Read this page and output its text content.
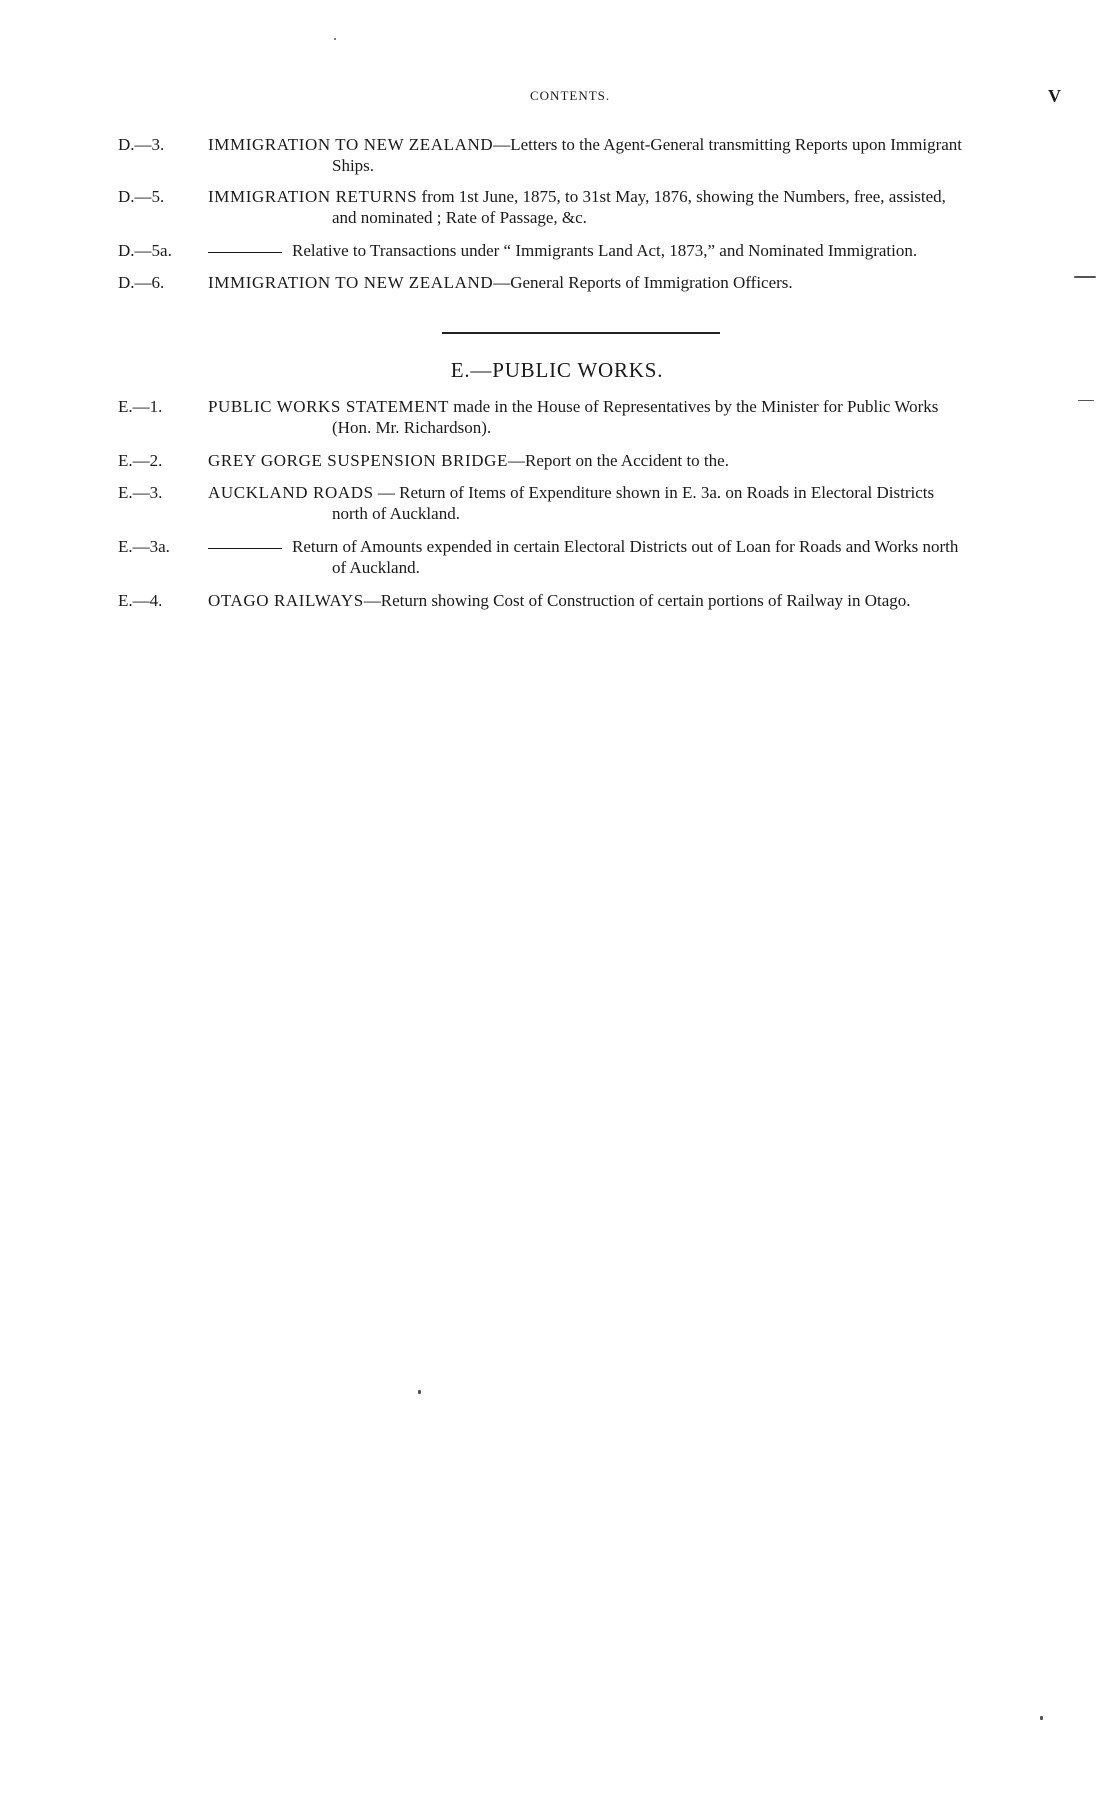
CONTENTS.	V
D.—3.	IMMIGRATION TO NEW ZEALAND—Letters to the Agent-General transmitting Reports upon Immigrant
Ships.
D.—5.	IMMIGRATION RETURNS from 1st June, 1875, to 31st May, 1876, showing the Numbers, free, assisted,
and nominated ; Rate of Passage, &c.
D.—5a.	Relative to Transactions under “ Immigrants Land Act, 1873,” and Nominated Immigration.
D.—6.	IMMIGRATION TO NEW ZEALAND—General Reports of Immigration Officers.
E.—PUBLIC WORKS.
E.—1.	PUBLIC WORKS STATEMENT made in the House of Representatives by the Minister for Public Works
(Hon. Mr. Richardson).
E.—2.	GREY GORGE SUSPENSION BRIDGE—Report on the Accident to the.
E.—3.	AUCKLAND ROADS — Return of Items of Expenditure shown in E. 3a. on Roads in Electoral Districts
north of Auckland.
E.—3a.	Return of Amounts expended in certain Electoral Districts out of Loan for Roads and Works north
of Auckland.
E.—4.	OTAGO RAILWAYS—Return showing Cost of Construction of certain portions of Railway in Otago.
